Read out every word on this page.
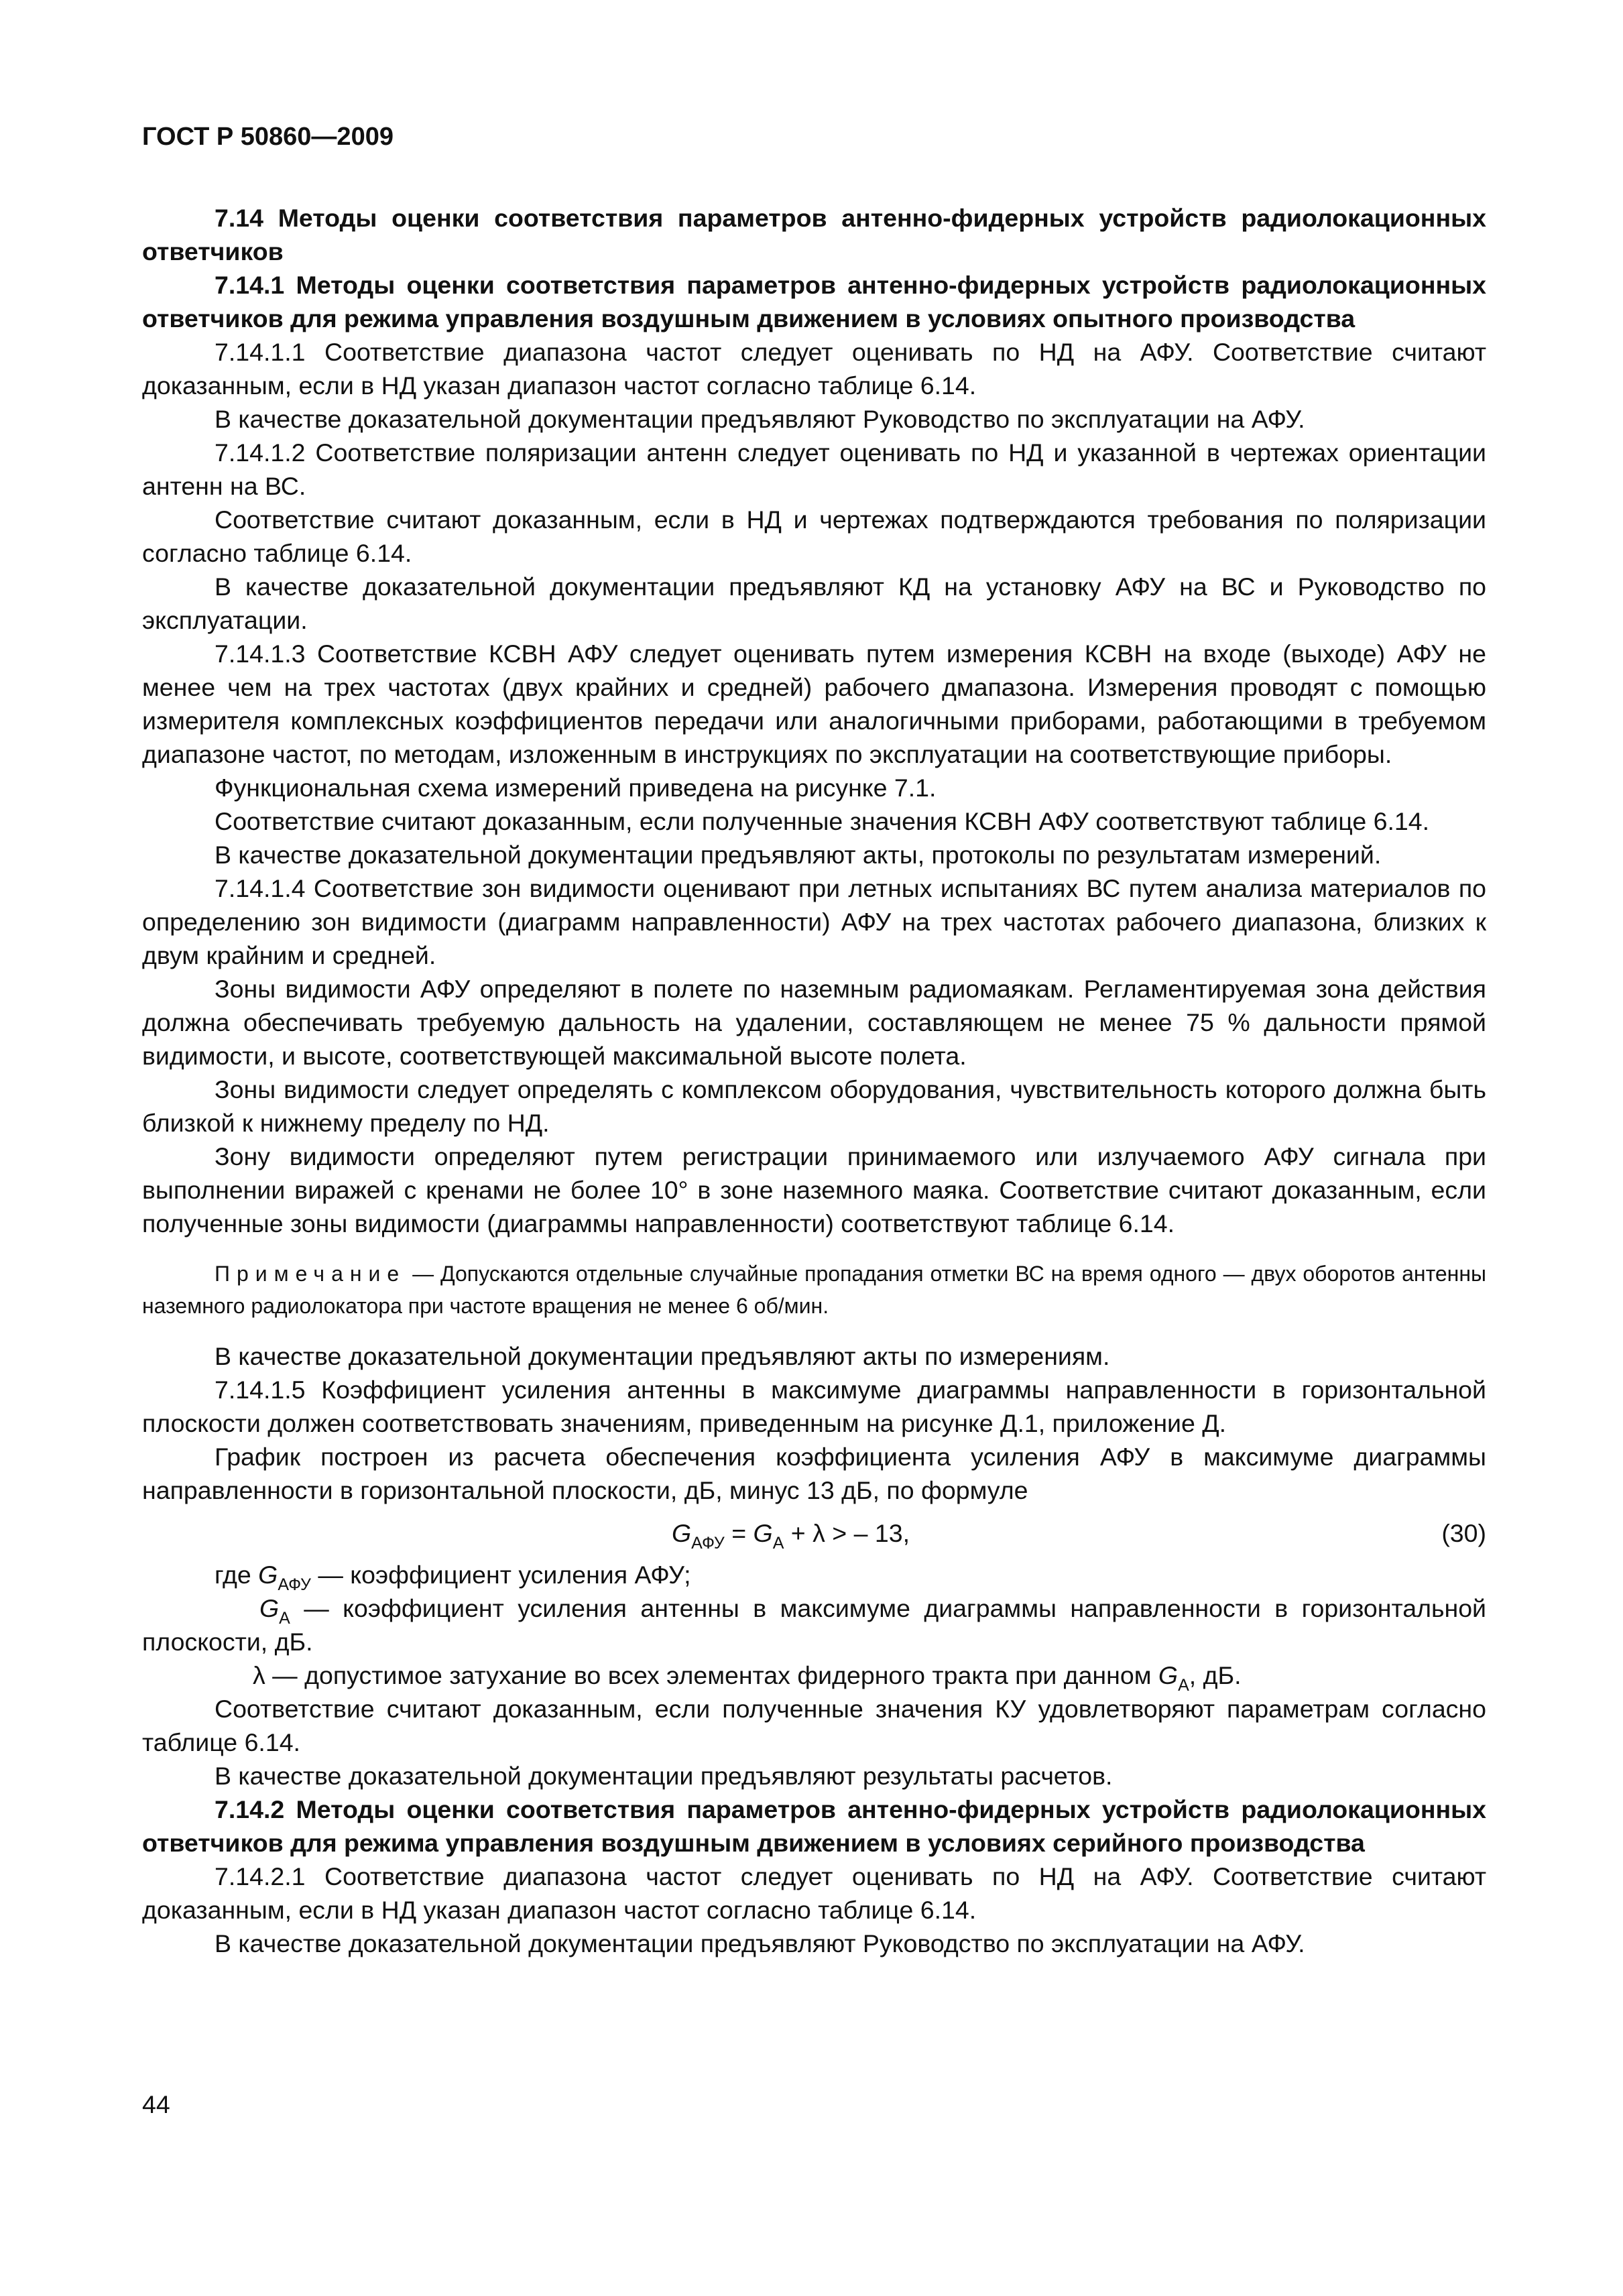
ГОСТ Р 50860—2009

7.14 Методы оценки соответствия параметров антенно-фидерных устройств радиолокационных ответчиков

7.14.1 Методы оценки соответствия параметров антенно-фидерных устройств радиолокационных ответчиков для режима управления воздушным движением в условиях опытного производства

7.14.1.1 Соответствие диапазона частот следует оценивать по НД на АФУ. Соответствие считают доказанным, если в НД указан диапазон частот согласно таблице 6.14.

В качестве доказательной документации предъявляют Руководство по эксплуатации на АФУ.

7.14.1.2 Соответствие поляризации антенн следует оценивать по НД и указанной в чертежах ориентации антенн на ВС.

Соответствие считают доказанным, если в НД и чертежах подтверждаются требования по поляризации согласно таблице 6.14.

В качестве доказательной документации предъявляют КД на установку АФУ на ВС и Руководство по эксплуатации.

7.14.1.3 Соответствие КСВН АФУ следует оценивать путем измерения КСВН на входе (выходе) АФУ не менее чем на трех частотах (двух крайних и средней) рабочего дмапазона. Измерения проводят с помощью измерителя комплексных коэффициентов передачи или аналогичными приборами, работающими в требуемом диапазоне частот, по методам, изложенным в инструкциях по эксплуатации на соответствующие приборы.

Функциональная схема измерений приведена на рисунке 7.1.

Соответствие считают доказанным, если полученные значения КСВН АФУ соответствуют таблице 6.14.

В качестве доказательной документации предъявляют акты, протоколы по результатам измерений.

7.14.1.4 Соответствие зон видимости оценивают при летных испытаниях ВС путем анализа материалов по определению зон видимости (диаграмм направленности) АФУ на трех частотах рабочего диапазона, близких к двум крайним и средней.

Зоны видимости АФУ определяют в полете по наземным радиомаякам. Регламентируемая зона действия должна обеспечивать требуемую дальность на удалении, составляющем не менее 75 % дальности прямой видимости, и высоте, соответствующей максимальной высоте полета.

Зоны видимости следует определять с комплексом оборудования, чувствительность которого должна быть близкой к нижнему пределу по НД.

Зону видимости определяют путем регистрации принимаемого или излучаемого АФУ сигнала при выполнении виражей с кренами не более 10° в зоне наземного маяка. Соответствие считают доказанным, если полученные зоны видимости (диаграммы направленности) соответствуют таблице 6.14.

Примечание — Допускаются отдельные случайные пропадания отметки ВС на время одного — двух оборотов антенны наземного радиолокатора при частоте вращения не менее 6 об/мин.

В качестве доказательной документации предъявляют акты по измерениям.

7.14.1.5 Коэффициент усиления антенны в максимуме диаграммы направленности в горизонтальной плоскости должен соответствовать значениям, приведенным на рисунке Д.1, приложение Д.

График построен из расчета обеспечения коэффициента усиления АФУ в максимуме диаграммы направленности в горизонтальной плоскости, дБ, минус 13 дБ, по формуле

$G_{АФУ} = G_А + \lambda$ > – 13,	(30)

где $G_{АФУ}$ — коэффициент усиления АФУ;

$G_А$ — коэффициент усиления антенны в максимуме диаграммы направленности в горизонтальной плоскости, дБ.

λ — допустимое затухание во всех элементах фидерного тракта при данном $G_А$, дБ.

Соответствие считают доказанным, если полученные значения КУ удовлетворяют параметрам согласно таблице 6.14.

В качестве доказательной документации предъявляют результаты расчетов.

7.14.2 Методы оценки соответствия параметров антенно-фидерных устройств радиолокационных ответчиков для режима управления воздушным движением в условиях серийного производства

7.14.2.1 Соответствие диапазона частот следует оценивать по НД на АФУ. Соответствие считают доказанным, если в НД указан диапазон частот согласно таблице 6.14.

В качестве доказательной документации предъявляют Руководство по эксплуатации на АФУ.

44
